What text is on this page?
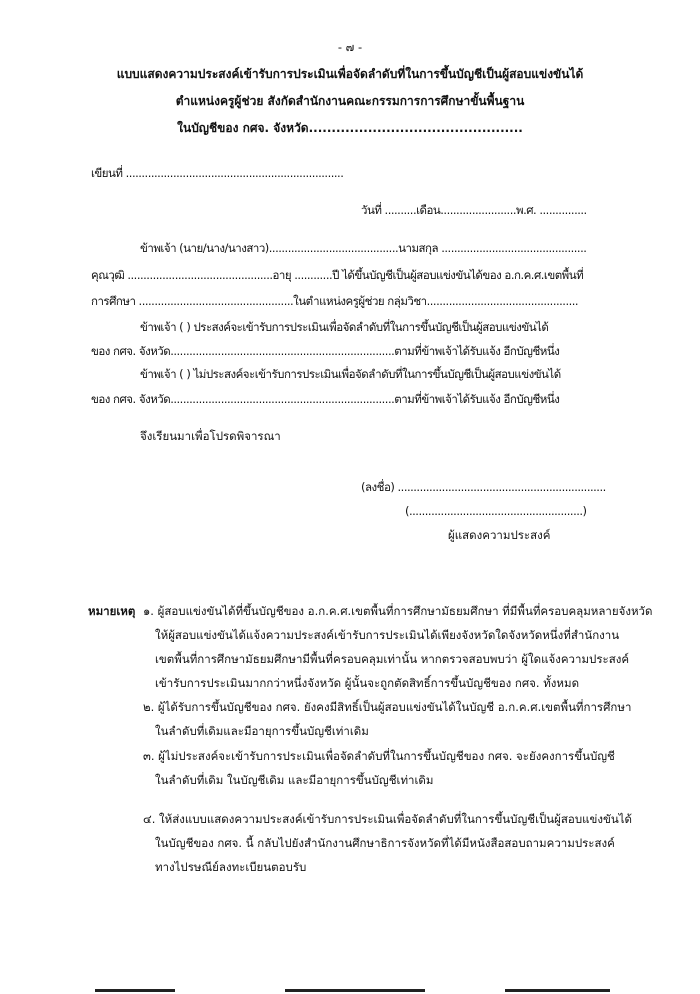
- ๗ -
แบบแสดงความประสงค์เข้ารับการประเมินเพื่อจัดลำดับที่ในการขึ้นบัญชีเป็นผู้สอบแข่งขันได้
ตำแหน่งครูผู้ช่วย สังกัดสำนักงานคณะกรรมการการศึกษาขั้นพื้นฐาน
ในบัญชีของ กศจ. จังหวัด...............................................
เขียนที่ .....................................................................
วันที่ ..........เดือน........................พ.ศ. ...............
ข้าพเจ้า (นาย/นาง/นางสาว).........................................นามสกุล ..............................................
คุณวุฒิ ..............................................อายุ ............ปี ได้ขึ้นบัญชีเป็นผู้สอบแข่งขันได้ของ อ.ก.ค.ศ.เขตพื้นที่
การศึกษา .................................................ในตำแหน่งครูผู้ช่วย กลุ่มวิชา................................................
ข้าพเจ้า ( ) ประสงค์จะเข้ารับการประเมินเพื่อจัดลำดับที่ในการขึ้นบัญชีเป็นผู้สอบแข่งขันได้
ของ กศจ. จังหวัด.......................................................................ตามที่ข้าพเจ้าได้รับแจ้ง อีกบัญชีหนึ่ง
ข้าพเจ้า ( ) ไม่ประสงค์จะเข้ารับการประเมินเพื่อจัดลำดับที่ในการขึ้นบัญชีเป็นผู้สอบแข่งขันได้
ของ กศจ. จังหวัด.......................................................................ตามที่ข้าพเจ้าได้รับแจ้ง อีกบัญชีหนึ่ง
จึงเรียนมาเพื่อโปรดพิจารณา
(ลงชื่อ) ..................................................................
(.......................................................)
ผู้แสดงความประสงค์
หมายเหตุ ๑. ผู้สอบแข่งขันได้ที่ขึ้นบัญชีของ อ.ก.ค.ศ.เขตพื้นที่การศึกษามัธยมศึกษา ที่มีพื้นที่ครอบคลุมหลายจังหวัด
ให้ผู้สอบแข่งขันได้แจ้งความประสงค์เข้ารับการประเมินได้เพียงจังหวัดใดจังหวัดหนึ่งที่สำนักงาน
เขตพื้นที่การศึกษามัธยมศึกษามีพื้นที่ครอบคลุมเท่านั้น หากตรวจสอบพบว่า ผู้ใดแจ้งความประสงค์
เข้ารับการประเมินมากกว่าหนึ่งจังหวัด ผู้นั้นจะถูกตัดสิทธิ์การขึ้นบัญชีของ กศจ. ทั้งหมด
๒. ผู้ได้รับการขึ้นบัญชีของ กศจ. ยังคงมีสิทธิ์เป็นผู้สอบแข่งขันได้ในบัญชี อ.ก.ค.ศ.เขตพื้นที่การศึกษา
ในลำดับที่เดิมและมีอายุการขึ้นบัญชีเท่าเดิม
๓. ผู้ไม่ประสงค์จะเข้ารับการประเมินเพื่อจัดลำดับที่ในการขึ้นบัญชีของ กศจ. จะยังคงการขึ้นบัญชี
ในลำดับที่เดิม ในบัญชีเดิม และมีอายุการขึ้นบัญชีเท่าเดิม
๔. ให้ส่งแบบแสดงความประสงค์เข้ารับการประเมินเพื่อจัดลำดับที่ในการขึ้นบัญชีเป็นผู้สอบแข่งขันได้
ในบัญชีของ กศจ. นี้ กลับไปยังสำนักงานศึกษาธิการจังหวัดที่ได้มีหนังสือสอบถามความประสงค์
ทางไปรษณีย์ลงทะเบียนตอบรับ
